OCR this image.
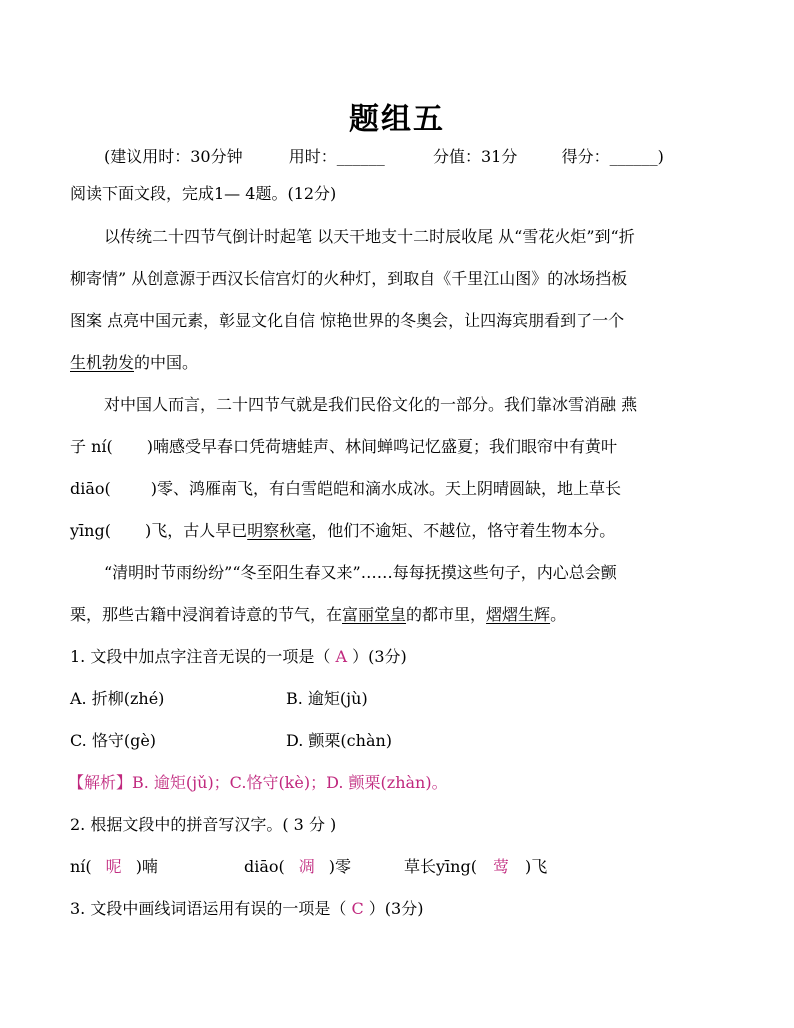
题组五
(建议用时：30分钟	用时：______	分值：31分	得分：______)
阅读下面文段，完成1— 4题。(12分)
以传统二十四节气倒计时起笔 以天干地支十二时辰收尾 从“雪花火炬”到“折
柳寄情” 从创意源于西汉长信宫灯的火种灯，到取自《千里江山图》的冰场挡板
图案 点亮中国元素，彰显文化自信 惊艳世界的冬奥会，让四海宾朋看到了一个
生机勃发的中国。
对中国人而言，二十四节气就是我们民俗文化的一部分。我们靠冰雪消融 燕
子 ní( )喃感受早春口凭荷塘蛙声、林间蝉鸣记忆盛夏；我们眼帘中有黄叶
diāo(	)零、鸿雁南飞，有白雪皑皑和滴水成冰。天上阴晴圆缺，地上草长
yīng( )飞，古人早已明察秋毫，他们不逾矩、不越位，恪守着生物本分。
“清明时节雨纷纷”“冬至阳生春又来”……每每抚摸这些句子，内心总会颤
栗，那些古籍中浸润着诗意的节气，在富丽堂皇的都市里，熠熠生辉。
1. 文段中加点字注音无误的一项是（ A ）(3分)
A. 折柳(zhé)	B. 逾矩(jù)
C. 恪守(gè)	D. 颤栗(chàn)
【解析】B. 逾矩(jǔ)；C.恪守(kè)；D. 颤栗(zhàn)。
2. 根据文段中的拼音写汉字。( 3 分 )
ní( 呢 )喃	diāo( 凋 )零	草长yīng( 莺 )飞
3. 文段中画线词语运用有误的一项是（ C ）(3分)
